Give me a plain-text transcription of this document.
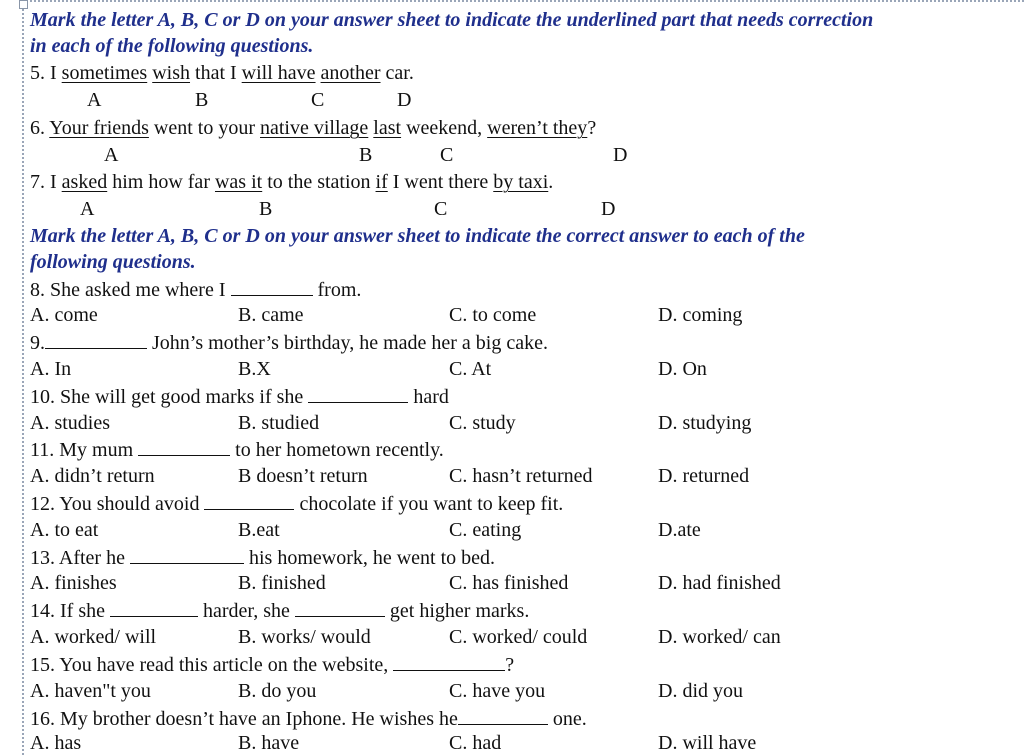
Mark the letter A, B, C or D on your answer sheet to indicate the underlined part that needs correction
in each of the following questions.
5. I sometimes wish that I will have another car.
A	B	C	D
6. Your friends went to your native village last weekend, weren’t they?
A	B	C	D
7. I asked him how far was it to the station if I went there by taxi.
A	B	C	D
Mark the letter A, B, C or D on your answer sheet to indicate the correct answer to each of the
following questions.
8. She asked me where I	from.
A. come	B. came	C. to come	D. coming
9.	John’s mother’s birthday, he made her a big cake.
A. In	B.X	C. At	D. On
10. She will get good marks if she	hard
A. studies	B. studied	C. study	D. studying
11. My mum	to her hometown recently.
A. didn’t return	B doesn’t return	C. hasn’t returned	D. returned
12. You should avoid	chocolate if you want to keep fit.
A. to eat	B.eat	C. eating	D.ate
13. After he	his homework, he went to bed.
A. finishes	B. finished	C. has finished	D. had finished
14. If she	harder, she	get higher marks.
A. worked/ will	B. works/ would	C. worked/ could	D. worked/ can
15. You have read this article on the website,	?
A. haven"t you	B. do you	C. have you	D. did you
16. My brother doesn’t have an Iphone. He wishes he	one.
A. has	B. have	C. had	D. will have
